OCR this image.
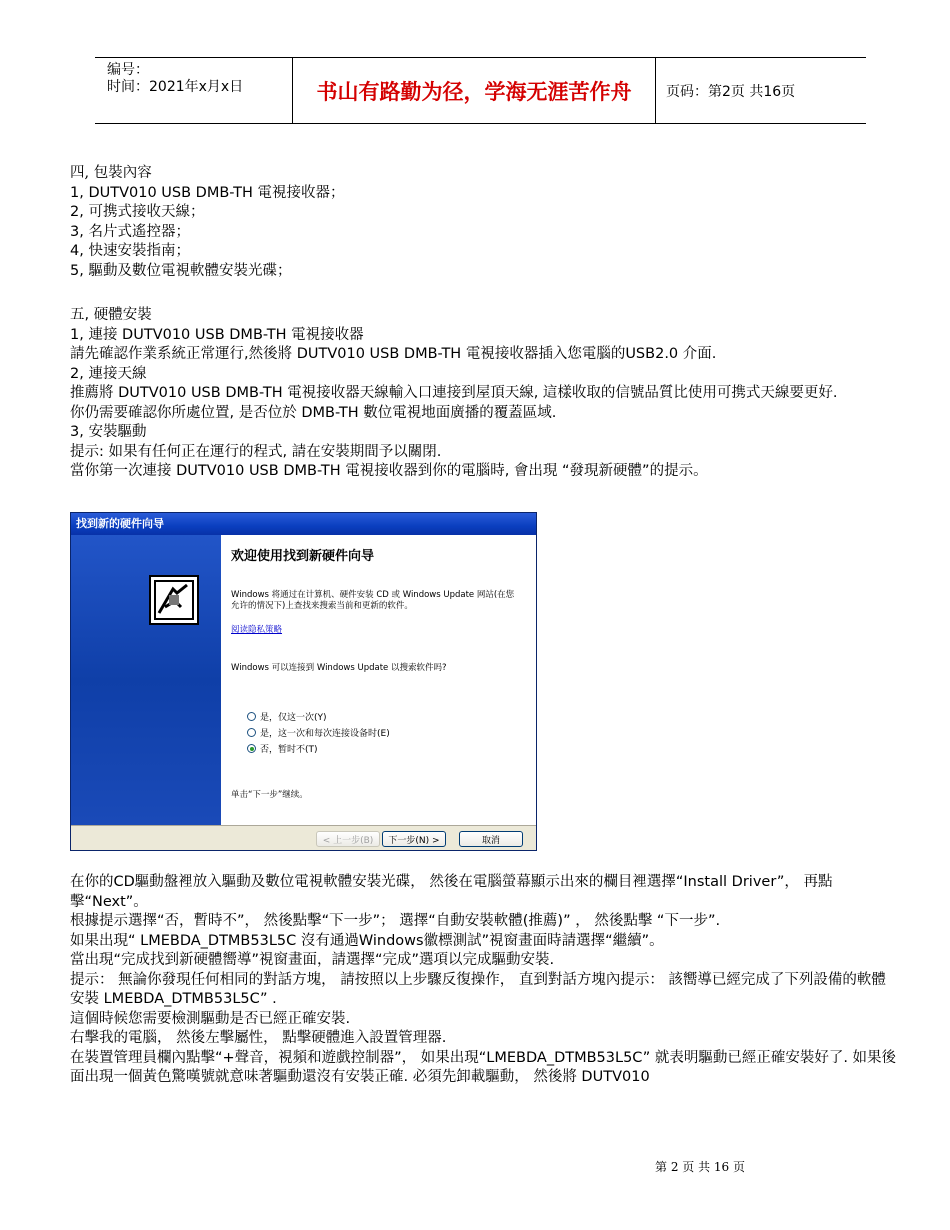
编号：
时间：2021年x月x日	书山有路勤为径，学海无涯苦作舟	页码：第2页 共16页
四, 包裝內容
1, DUTV010 USB DMB-TH 電視接收器；
2, 可携式接收天線；
3, 名片式遙控器；
4, 快速安裝指南；
5, 驅動及數位電視軟體安裝光碟；
五, 硬體安裝
1, 連接 DUTV010 USB DMB-TH 電視接收器
請先確認作業系統正常運行,然後將 DUTV010 USB DMB-TH 電視接收器插入您電腦的USB2.0 介面.
2, 連接天線
推薦將 DUTV010 USB DMB-TH 電視接收器天線輸入口連接到屋頂天線, 這樣收取的信號品質比使用可携式天線要更好.
你仍需要確認你所處位置, 是否位於 DMB-TH 數位電視地面廣播的覆蓋區域.
3, 安裝驅動
提示: 如果有任何正在運行的程式, 請在安裝期間予以關閉.
當你第一次連接 DUTV010 USB DMB-TH 電視接收器到你的電腦時, 會出現 “發現新硬體”的提示。
找到新的硬件向导
欢迎使用找到新硬件向导
Windows 将通过在计算机、硬件安装 CD 或 Windows Update 网站(在您允许的情况下)上查找来搜索当前和更新的软件。
阅读隐私策略
Windows 可以连接到 Windows Update 以搜索软件吗?
是，仅这一次(Y)
是，这一次和每次连接设备时(E)
否，暂时不(T)
单击“下一步”继续。
< 上一步(B)	下一步(N) >	取消
在你的CD驅動盤裡放入驅動及數位電視軟體安裝光碟， 然後在電腦螢幕顯示出來的欄目裡選擇“Install Driver”， 再點擊“Next”。
根據提示選擇“否，暫時不”， 然後點擊“下一步”； 選擇“自動安裝軟體(推薦)” ， 然後點擊 “下一步”.
如果出現“ LMEBDA_DTMB53L5C 沒有通過Windows徽標測試”視窗畫面時請選擇“繼續”。
當出現“完成找到新硬體嚮導”視窗畫面，請選擇“完成”選項以完成驅動安裝.
提示： 無論你發現任何相同的對話方塊， 請按照以上步驟反復操作， 直到對話方塊內提示： 該嚮導已經完成了下列設備的軟體安裝 LMEBDA_DTMB53L5C” .
這個時候您需要檢測驅動是否已經正確安裝.
右擊我的電腦， 然後左擊屬性， 點擊硬體進入設置管理器.
在裝置管理員欄內點擊“+聲音，視頻和遊戲控制器”， 如果出現“LMEBDA_DTMB53L5C” 就表明驅動已經正確安裝好了. 如果後面出現一個黃色驚嘆號就意味著驅動還沒有安裝正確. 必須先卸載驅動， 然後將 DUTV010
第 2 页 共 16 页
